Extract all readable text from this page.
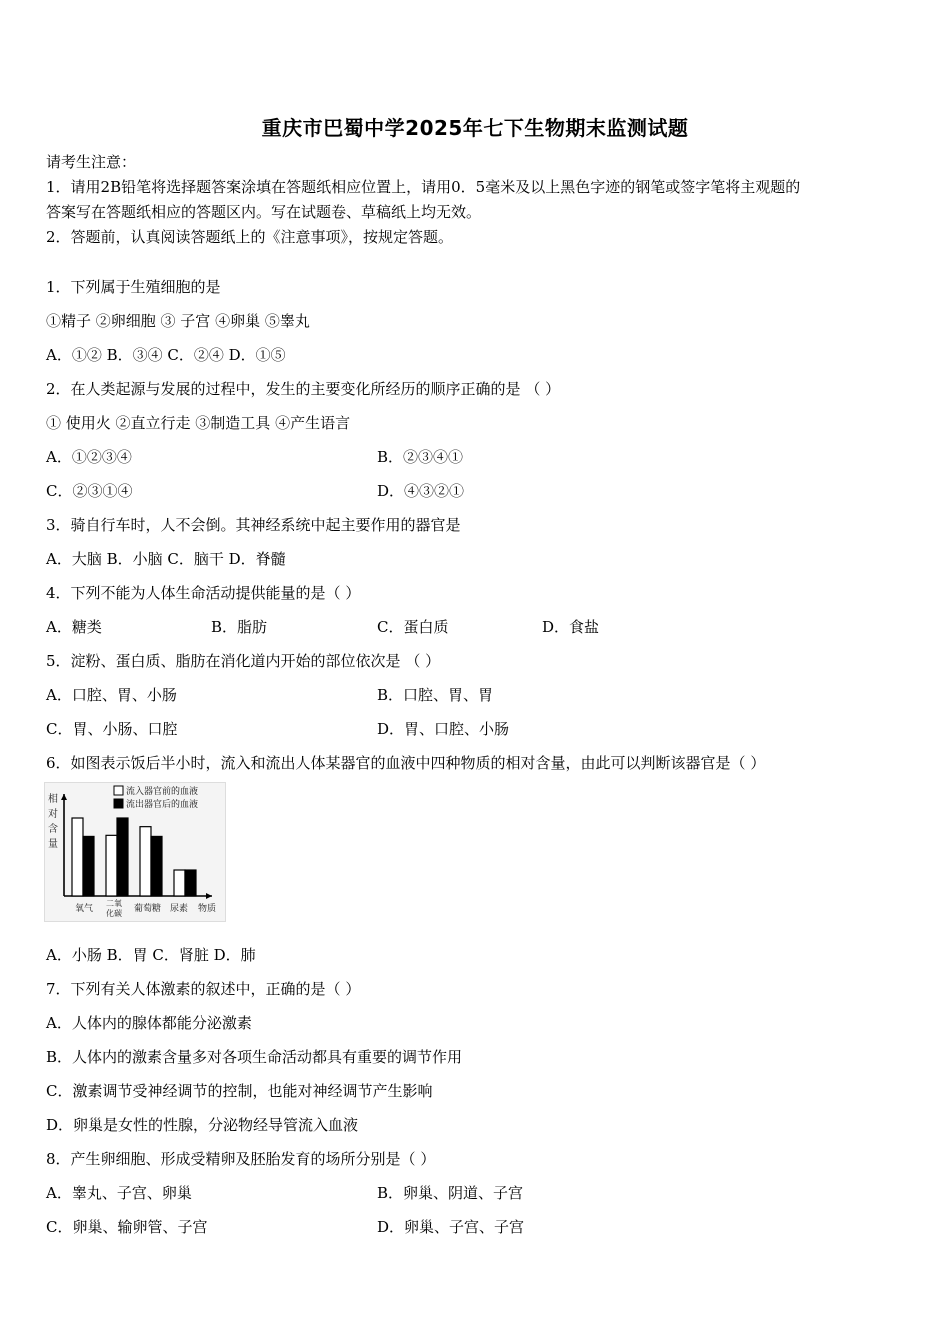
重庆市巴蜀中学2025年七下生物期末监测试题
请考生注意：
1．请用2B铅笔将选择题答案涂填在答题纸相应位置上，请用0．5毫米及以上黑色字迹的钢笔或签字笔将主观题的
答案写在答题纸相应的答题区内。写在试题卷、草稿纸上均无效。
2．答题前，认真阅读答题纸上的《注意事项》，按规定答题。
1．下列属于生殖细胞的是
①精子 ②卵细胞 ③ 子宫 ④卵巢 ⑤睾丸
A．①② B．③④ C．②④ D．①⑤
2．在人类起源与发展的过程中，发生的主要变化所经历的顺序正确的是 （ ）
① 使用火 ②直立行走 ③制造工具 ④产生语言
A．①②③④	B．②③④①
C．②③①④	D．④③②①
3．骑自行车时，人不会倒。其神经系统中起主要作用的器官是
A．大脑 B．小脑 C．脑干 D．脊髓
4．下列不能为人体生命活动提供能量的是（ ）
A．糖类	B．脂肪	C．蛋白质	D．食盐
5．淀粉、蛋白质、脂肪在消化道内开始的部位依次是 （ ）
A．口腔、胃、小肠	B．口腔、胃、胃
C．胃、小肠、口腔	D．胃、口腔、小肠
6．如图表示饭后半小时，流入和流出人体某器官的血液中四种物质的相对含量，由此可以判断该器官是（ ）
相
对
含
量
流入器官前的血液
流出器官后的血液
氧气
二氧
化碳 葡萄糖 尿素 物质
A．小肠 B．胃 C．肾脏 D．肺
7．下列有关人体激素的叙述中，正确的是（ ）
A．人体内的腺体都能分泌激素
B．人体内的激素含量多对各项生命活动都具有重要的调节作用
C．激素调节受神经调节的控制，也能对神经调节产生影响
D．卵巢是女性的性腺，分泌物经导管流入血液
8．产生卵细胞、形成受精卵及胚胎发育的场所分别是（ ）
A．睾丸、子宫、卵巢	B．卵巢、阴道、子宫
C．卵巢、输卵管、子宫	D．卵巢、子宫、子宫
